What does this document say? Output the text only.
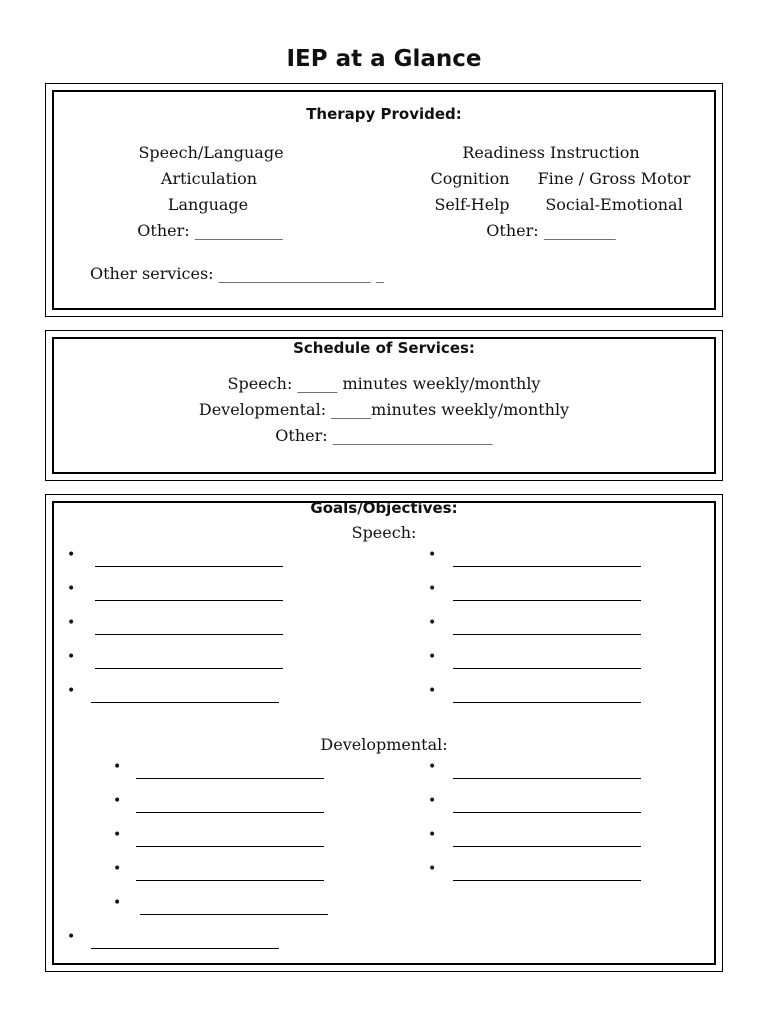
IEP at a Glance
Therapy Provided:
Speech/Language
Articulation
Language
Other: ___________
Readiness Instruction
Cognition Fine / Gross Motor
Self-Help Social-Emotional
Other: _________
Other services: ___________________ _
Schedule of Services:
Speech: _____ minutes weekly/monthly
Developmental: _____minutes weekly/monthly
Other: ____________________
Goals/Objectives:
Speech:
Developmental:
•
•
•
•
•
•
•
•
•
•
•
•
•
•
•
•
•
•
•
•
